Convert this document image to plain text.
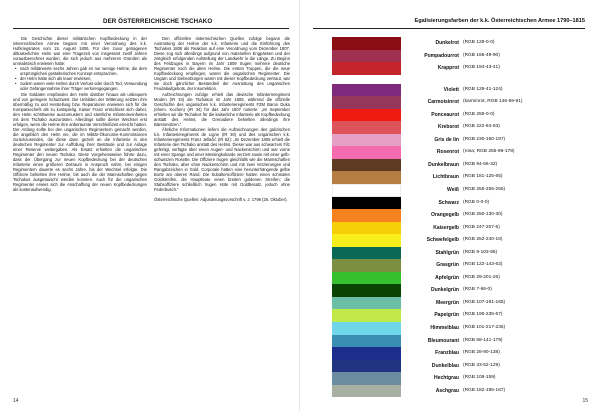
DER ÖSTERREICHISCHE TSCHAKO

Die Geschichte dieser militärischen Kopfbedeckung in der österreichischen Armee begann mit einer Verordnung des k.k. Hofkriegsrates vom 15. August 1806. Für den zuvor getragenen altkaiserlichen Helm war eine Tragezeit von insgesamt zwölf Jahren vorausberechnet worden, die sich jedoch aus mehreren Gründen als unrealistisch erwiesen hatte:

• nach militärwerte sechs Jahren gab es nur wenige Helme, die dem ursprünglichen gestalterischen Konzept entsprachen,
• der Helm hatte sich als teuer erwiesen,
• zudem waren viele Helme durch Verlust oder durch Tod, Verwundung oder Gefangennahme ihrer Träger verlorengegangen.

Die Soldaten empfanden den Helm darüber hinaus als unbequem und von geringem Schutzwert. Die Unbilden der Witterung setzten ihm übermäßig zu und Herstellung bzw. Reparaturen erwiesen sich für die Kompaniechefs als zu kostspielig. Kaiser Franz entschloss sich daher, den Helm schrittweise auszumustern und sämtliche Infanterieeinheiten mit dem Tschako auszurüsten. Allerdings sollte dieser Wechsel erst erfolgen, wenn die Helme ihre anberaumte Verschleißzeit erreicht hatten. Der Anfang sollte bei den ungarischen Regimentern gemacht werden, die angeblich den Helm nie, die im Militär-Ökonomie-Kommissionen zurückzusenden, die diese dann gezielt an die Infanterie in den deutschen Regimenter zur Auffüllung ihrer Bestände und zur Anlage einer Reserve weitergaben. Als Ersatz erhielten die ungarischen Regimenter den neuen Tschako. Diese Vorgehensweise führte dazu, dass der Übergang zur neuen Kopfbedeckung bei der deutschen Infanterie einen größeren Zeitraum in Anspruch nahm, bei einigen Regimentern dauerte es sechs Jahre, bis der Wechsel erfolgte. Die Offiziere behielten ihre Helme, bis auch die der Mannschaften gegen Tschakos ausgetauscht werden konnten. Auch für die ungarischen Regimenter erwies sich die Anschaffung der neuen Kopfbedeckungen als kostenaufwendig.

Den offiziellen österreichischen Quellen zufolge begann die Ausrüstung der Helme der k.k. Infanterie und die Einführung des Tschakos 1806 als Reaktion auf eine Verordnung vom Dezember 1807. Diese zog sich allerdings aufgrund von materiellen Engpässen und der zeitgleich erfolgenden Aufstellung der Landwehr in die Länge. Zu Beginn des Feldzuges in Bayern im Jahr 1809 trugen mehrere deutsche Regimenter noch die alten Helme. Die ersten Truppen, die die neue Kopfbedeckung empfingen, waren die ungarischen Regimenter. Die Ungarn und Siebenbürgen waren mit dieser Kopfbedeckung vertraut, war sie doch gänzlicher Bestandteil der Ausrüstung des ungarischen Feudalaufgebots, der Insurrektion.

Aufzeichnungen zufolge erhielt das deutsche Infanterieregiment Moden (IR 34) die Tschakos im Jahr 1808, während die offizielle Geschichte des ungarischen k.k. Infanterieregiments FZM Baron Duka (ehem. Kochen) (IR 34) für das Jahr 1807 notierte: „Im September erhielten wir die Tschakos für die kaiserliche Infanterie als Kopfbedeckung anstatt des Helms; die Grenadiere behielten allerdings ihre Bärenmützen.“

Ähnliche Informationen liefern die Aufzeichnungen des galizischen k.k. Infanterieregiments de Ligne (IR 30) und des ungarischen k.k. Infanterieregiments Franz Jellačić (IR 62): „Im Dezember 1805 erhielt die Infanterie den Tschako anstatt des Helms. Dieser war aus schwarzem Filz gefertigt, verfügte über einen Augen- und Nackenschirm und war vorne mit einer Spange und einer Messingkokarde verziert sowie mit einer gelb-schwarzen Rosette. Die Offiziere trugen gleichfalls wie die Mannschaften den Tschako, aber ohne Nackenschirm und mit zwei Verzierungen und Rangabzeichen in Gold. Corporale hatten eine herunterhängende gelbe Borte am oberen Rand. Die Subalternoffiziere hatten einen schmalen Goldstreifen, die Hauptleute einen breiten goldenen Streifen; die Stabsoffiziere schließlich trugen Hüte mit Goldbesatz, jedoch ohne Federbusch.“

Österreichische Quellen: Adjustierungsvorschrift v. J. 1798 (26. Oktober).

14
Egalisierungsfarben der k.k. Österreichischen Armee 1790–1815
Dunkelrot (RGB 128-0-0)
Pompadourrot (RGB 166-49-90)
Krapprot (RGB 194-43-41)
Violett (RGB 129-41-124)
Carmoisinrot (karminrot, RGB 146-59-91)
Ponceaurot (RGB 255-0-0)
Krebsrot (RGB 222-84-93)
Gris de lin (RGB 230-160-197)
Rosenrot (rosa; RGB 255-98-178)
Dunkelbraun (RGB 94-56-32)
Lichtbraun (RGB 181-125-65)
Weiß (RGB 255-255-255)
Schwarz (RGB 0-0-0)
Orangegelb (RGB 250-130-30)
Kaisergelb (RGB 247-207-5)
Schwefelgelb (RGB 252-240-16)
Stahlgrün (RGB 9-103-85)
Grasgrün (RGB 122-143-63)
Apfelgrün (RGB 29-201-26)
Dunkelgrün (RGB 7-66-0)
Meergrün (RGB 107-191-165)
Papeigrün (RGB 195-235-67)
Himmelblau (RGB 101-217-235)
Bleumourant (RGB 58-141-179)
Franzblau (RGB 28-90-138)
Dunkelblau (RGB 33-52-129)
Hechtgrau (RGB 108-159)
Aschgrau (RGB 182-195-167)
15
